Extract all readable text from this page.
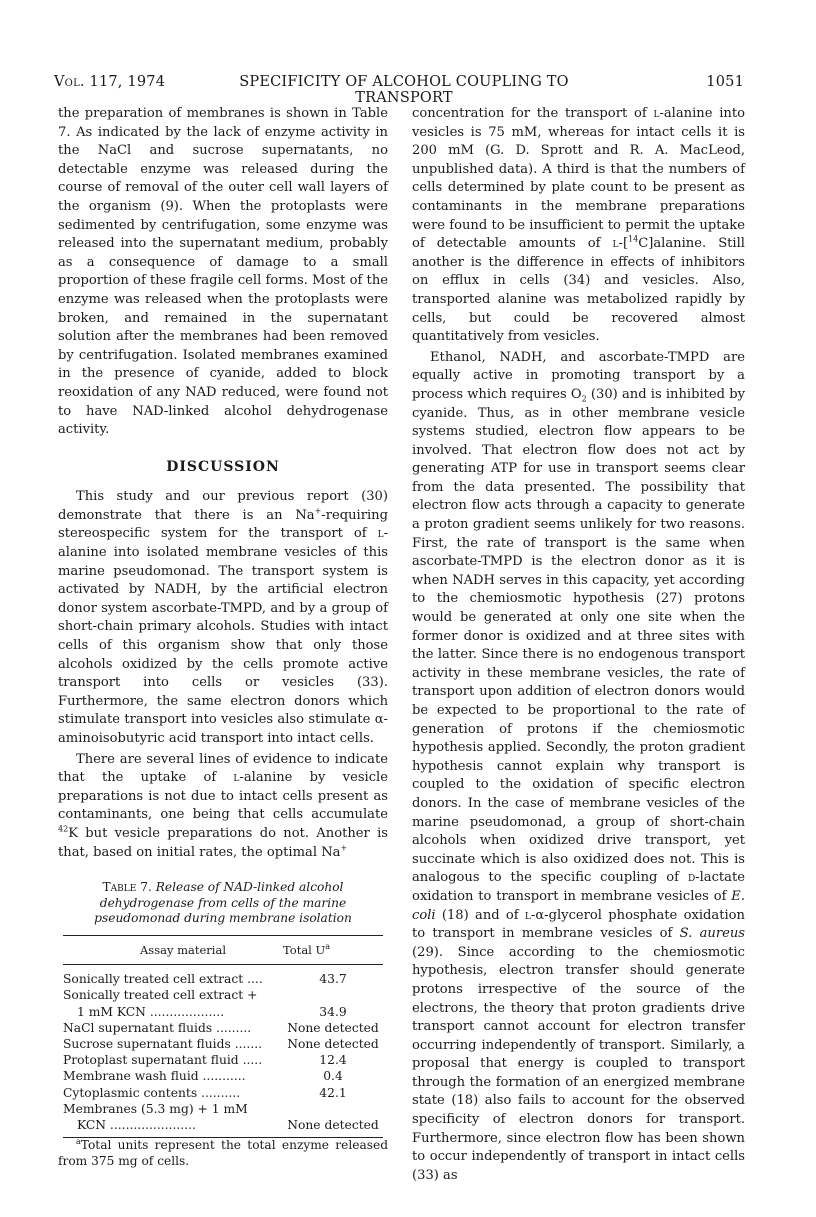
Vol. 117, 1974	SPECIFICITY OF ALCOHOL COUPLING TO TRANSPORT
1051

the preparation of membranes is shown in Table 7. As indicated by the lack of enzyme activity in the NaCl and sucrose supernatants, no detectable enzyme was released during the course of removal of the outer cell wall layers of the organism (9). When the protoplasts were sedimented by centrifugation, some enzyme was released into the supernatant medium, probably as a consequence of damage to a small proportion of these fragile cell forms. Most of the enzyme was released when the protoplasts were broken, and remained in the supernatant solution after the membranes had been removed by centrifugation. Isolated membranes examined in the presence of cyanide, added to block reoxidation of any NAD reduced, were found not to have NAD-linked alcohol dehydrogenase activity.

DISCUSSION

This study and our previous report (30) demonstrate that there is an Na+-requiring stereospecific system for the transport of l-alanine into isolated membrane vesicles of this marine pseudomonad. The transport system is activated by NADH, by the artificial electron donor system ascorbate-TMPD, and by a group of short-chain primary alcohols. Studies with intact cells of this organism show that only those alcohols oxidized by the cells promote active transport into cells or vesicles (33). Furthermore, the same electron donors which stimulate transport into vesicles also stimulate α-aminoisobutyric acid transport into intact cells.

There are several lines of evidence to indicate that the uptake of l-alanine by vesicle preparations is not due to intact cells present as contaminants, one being that cells accumulate $^{42}$K but vesicle preparations do not. Another is that, based on initial rates, the optimal Na+

Table 7. Release of NAD-linked alcohol dehydrogenase from cells of the marine pseudomonad during membrane isolation
Assay material	Total $U^a$
Sonically treated cell extract ....	43.7
Sonically treated cell extract +	
1 mM KCN ...................	34.9
NaCl supernatant fluids .........	None detected
Sucrose supernatant fluids .......	None detected
Protoplast supernatant fluid .....	12.4
Membrane wash fluid ...........	0.4
Cytoplasmic contents ..........	42.1
Membranes (5.3 mg) + 1 mM	
KCN ......................	None detected

$^a$Total units represent the total enzyme released from 375 mg of cells.

concentration for the transport of l-alanine into vesicles is 75 mM, whereas for intact cells it is 200 mM (G. D. Sprott and R. A. MacLeod, unpublished data). A third is that the numbers of cells determined by plate count to be present as contaminants in the membrane preparations were found to be insufficient to permit the uptake of detectable amounts of l-[$^{14}$C]alanine. Still another is the difference in effects of inhibitors on efflux in cells (34) and vesicles. Also, transported alanine was metabolized rapidly by cells, but could be recovered almost quantitatively from vesicles.

Ethanol, NADH, and ascorbate-TMPD are equally active in promoting transport by a process which requires $O_2$ (30) and is inhibited by cyanide. Thus, as in other membrane vesicle systems studied, electron flow appears to be involved. That electron flow does not act by generating ATP for use in transport seems clear from the data presented. The possibility that electron flow acts through a capacity to generate a proton gradient seems unlikely for two reasons. First, the rate of transport is the same when ascorbate-TMPD is the electron donor as it is when NADH serves in this capacity, yet according to the chemiosmotic hypothesis (27) protons would be generated at only one site when the former donor is oxidized and at three sites with the latter. Since there is no endogenous transport activity in these membrane vesicles, the rate of transport upon addition of electron donors would be expected to be proportional to the rate of generation of protons if the chemiosmotic hypothesis applied. Secondly, the proton gradient hypothesis cannot explain why transport is coupled to the oxidation of specific electron donors. In the case of membrane vesicles of the marine pseudomonad, a group of short-chain alcohols when oxidized drive transport, yet succinate which is also oxidized does not. This is analogous to the specific coupling of d-lactate oxidation to transport in membrane vesicles of E. coli (18) and of l-α-glycerol phosphate oxidation to transport in membrane vesicles of S. aureus (29). Since according to the chemiosmotic hypothesis, electron transfer should generate protons irrespective of the source of the electrons, the theory that proton gradients drive transport cannot account for electron transfer occurring independently of transport. Similarly, a proposal that energy is coupled to transport through the formation of an energized membrane state (18) also fails to account for the observed specificity of electron donors for transport. Furthermore, since electron flow has been shown to occur independently of transport in intact cells (33) as
